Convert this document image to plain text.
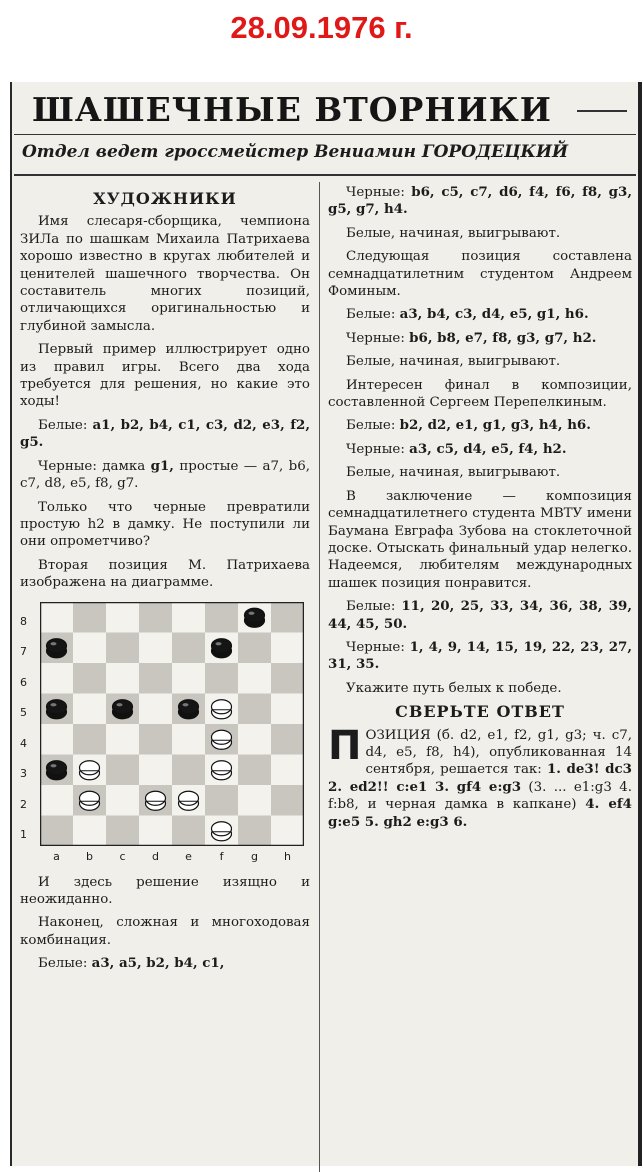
28.09.1976 г.
ШАШЕЧНЫЕ ВТОРНИКИ
Отдел ведет гроссмейстер Вениамин ГОРОДЕЦКИЙ
ХУДОЖНИКИ

Имя слесаря-сборщика, чемпиона ЗИЛа по шашкам Михаила Патрихаева хорошо известно в кругах любителей и ценителей шашечного творчества. Он составитель многих позиций, отличающихся оригинальностью и глубиной замысла.

Первый пример иллюстрирует одно из правил игры. Всего два хода требуется для решения, но какие это ходы!

Белые: a1, b2, b4, c1, c3, d2, e3, f2, g5.

Черные: дамка g1, простые — a7, b6, c7, d8, e5, f8, g7.

Только что черные превратили простую h2 в дамку. Не поступили ли они опрометчиво?

Вторая позиция М. Патрихаева изображена на диаграмме.

8
7
6
5
4
3
2
1
a	b	c	d	e	f	g	h

И здесь решение изящно и неожиданно.

Наконец, сложная и многоходовая комбинация.

Белые: a3, a5, b2, b4, c1,

Черные: b6, c5, c7, d6, f4, f6, f8, g3, g5, g7, h4.

Белые, начиная, выигрывают.

Следующая позиция составлена семнадцатилетним студентом Андреем Фоминым.

Белые: a3, b4, c3, d4, e5, g1, h6.

Черные: b6, b8, e7, f8, g3, g7, h2.

Белые, начиная, выигрывают.

Интересен финал в композиции, составленной Сергеем Перепелкиным.

Белые: b2, d2, e1, g1, g3, h4, h6.

Черные: a3, c5, d4, e5, f4, h2.

Белые, начиная, выигрывают.

В заключение — композиция семнадцатилетнего студента МВТУ имени Баумана Евграфа Зубова на стоклеточной доске. Отыскать финальный удар нелегко. Надеемся, любителям международных шашек позиция понравится.

Белые: 11, 20, 25, 33, 34, 36, 38, 39, 44, 45, 50.

Черные: 1, 4, 9, 14, 15, 19, 22, 23, 27, 31, 35.

Укажите путь белых к победе.

СВЕРЬТЕ ОТВЕТ

ПОЗИЦИЯ (б. d2, e1, f2, g1, g3; ч. c7, d4, e5, f8, h4), опубликованная 14 сентября, решается так: 1. de3! dc3 2. ed2!! c:e1 3. gf4 e:g3 (3. ... e1:g3 4. f:b8, и черная дамка в капкане) 4. ef4 g:e5 5. gh2 e:g3 6.
